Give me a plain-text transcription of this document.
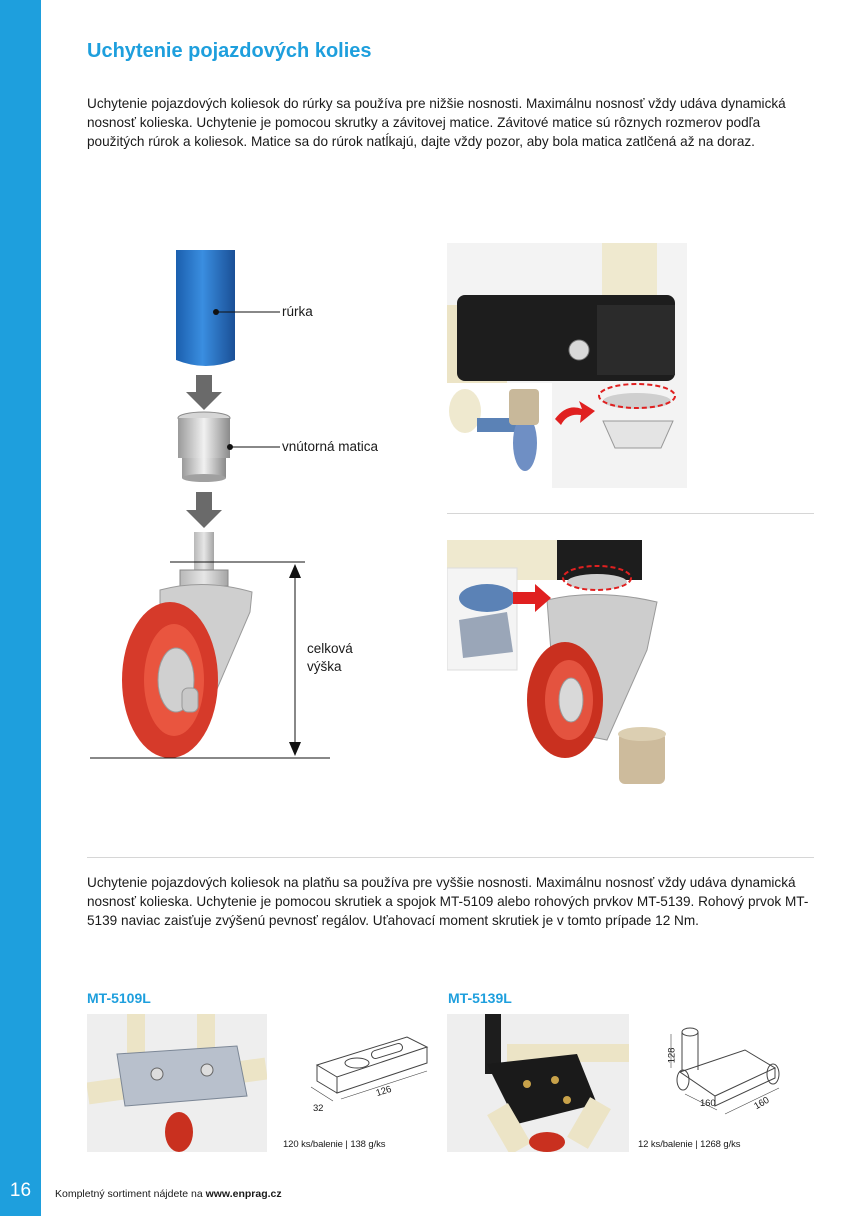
16
Uchytenie pojazdových kolies

Uchytenie pojazdových koliesok do rúrky sa používa pre nižšie nosnosti. Maximálnu nosnosť vždy udáva dynamická nosnosť kolieska. Uchytenie je pomocou skrutky a závitovej matice. Závitové matice sú rôznych rozmerov podľa použitých rúrok a koliesok. Matice sa do rúrok natĺkajú, dajte vždy pozor, aby bola matica zatlčená až na doraz.

rúrka
vnútorná matica
celková
výška

Uchytenie pojazdových koliesok na platňu sa používa pre vyššie nosnosti. Maximálnu nosnosť vždy udáva dynamická nosnosť kolieska. Uchytenie je pomocou skrutiek a spojok MT-5109 alebo rohových prvkov MT-5139. Rohový prvok MT-5139 naviac zaisťuje zvýšenú pevnosť regálov. Uťahovací moment skrutiek je v tomto prípade 12 Nm.

MT-5109L
126
32
120 ks/balenie | 138 g/ks
MT-5139L
128
160	160
12 ks/balenie | 1268 g/ks
Kompletný sortiment nájdete na www.enprag.cz
